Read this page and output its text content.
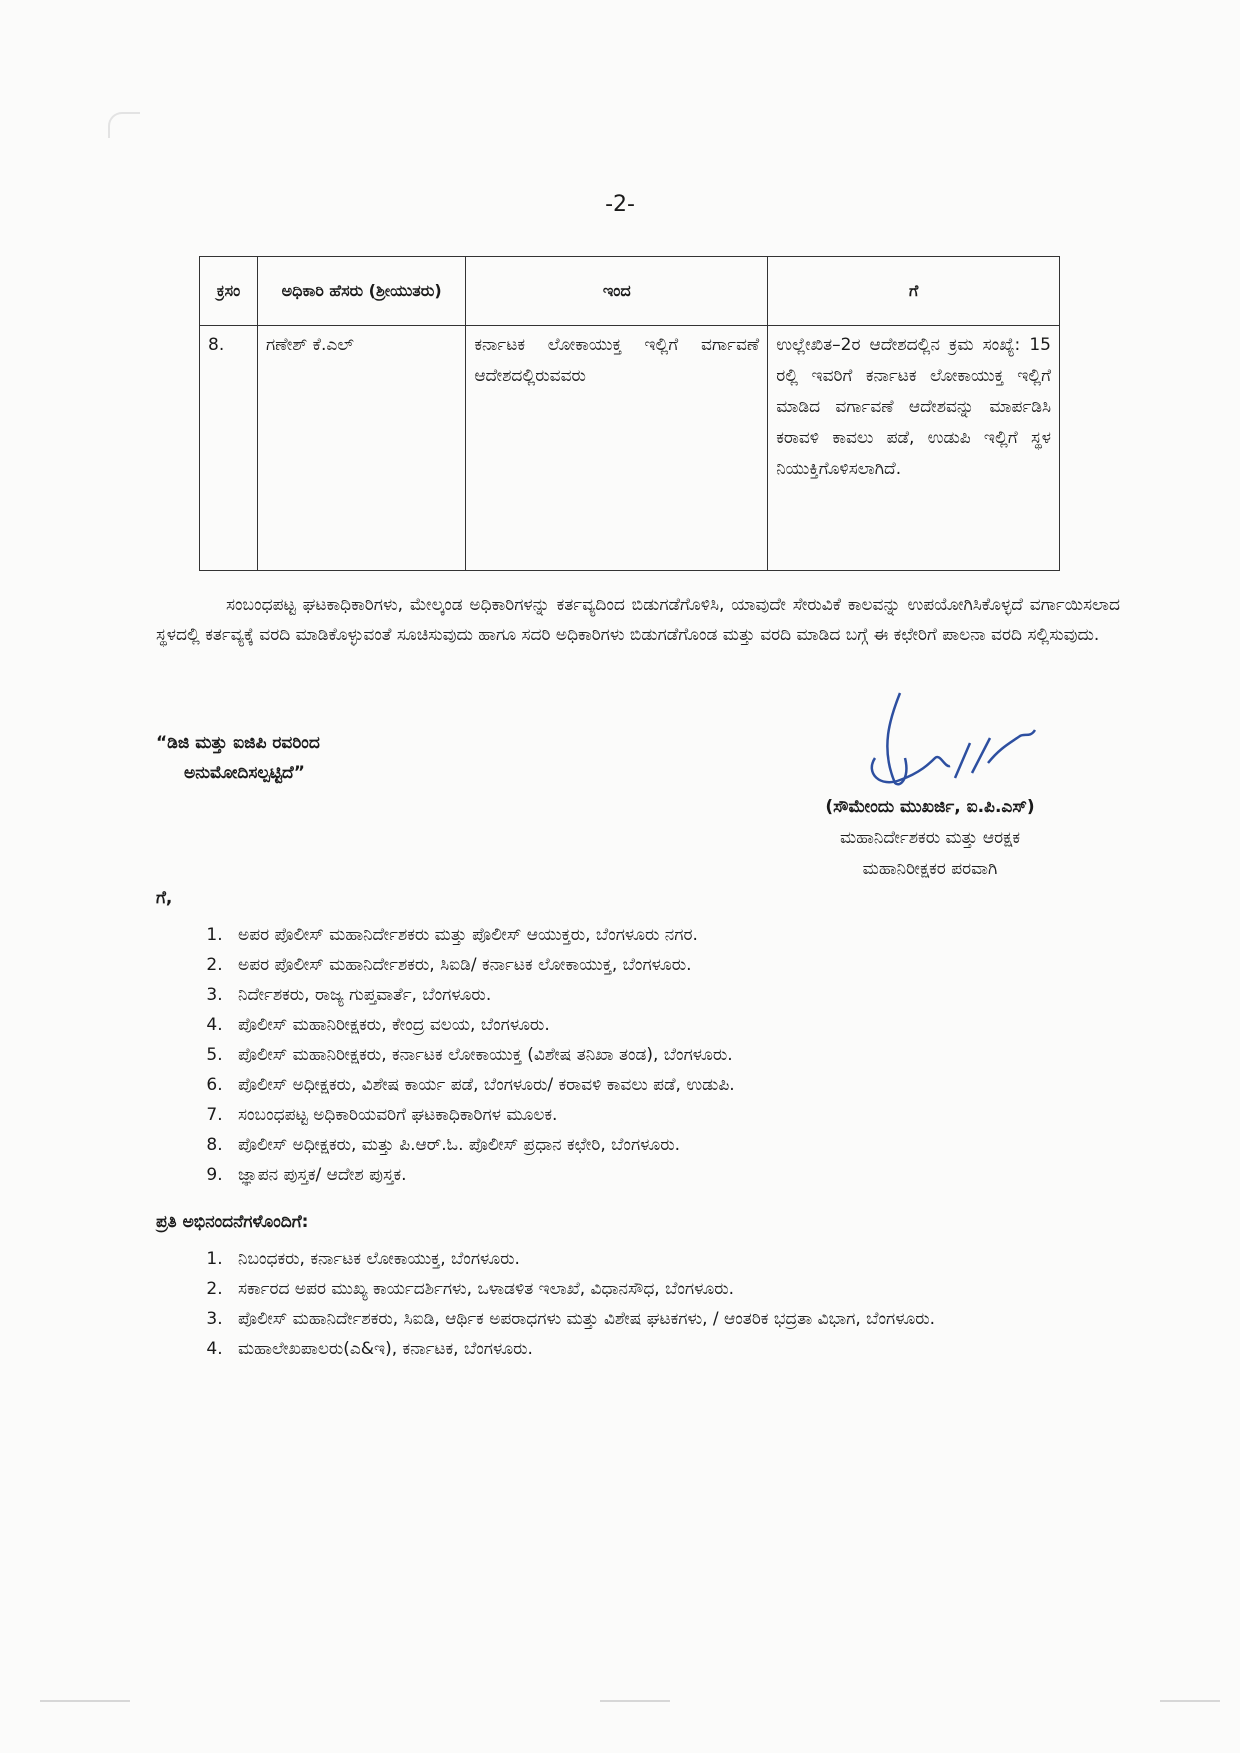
-2-
ಕ್ರಸಂ	ಅಧಿಕಾರಿ ಹೆಸರು (ಶ್ರೀಯುತರು)	ಇಂದ	ಗೆ
8.	ಗಣೇಶ್ ಕೆ.ಎಲ್	ಕರ್ನಾಟಕ ಲೋಕಾಯುಕ್ತ ಇಲ್ಲಿಗೆ ವರ್ಗಾವಣೆ ಆದೇಶದಲ್ಲಿರುವವರು	ಉಲ್ಲೇಖಿತ–2ರ ಆದೇಶದಲ್ಲಿನ ಕ್ರಮ ಸಂಖ್ಯೆ: 15 ರಲ್ಲಿ ಇವರಿಗೆ ಕರ್ನಾಟಕ ಲೋಕಾಯುಕ್ತ ಇಲ್ಲಿಗೆ ಮಾಡಿದ ವರ್ಗಾವಣೆ ಆದೇಶವನ್ನು ಮಾರ್ಪಡಿಸಿ ಕರಾವಳಿ ಕಾವಲು ಪಡೆ, ಉಡುಪಿ ಇಲ್ಲಿಗೆ ಸ್ಥಳ ನಿಯುಕ್ತಿಗೊಳಿಸಲಾಗಿದೆ.
ಸಂಬಂಧಪಟ್ಟ ಘಟಕಾಧಿಕಾರಿಗಳು, ಮೇಲ್ಕಂಡ ಅಧಿಕಾರಿಗಳನ್ನು ಕರ್ತವ್ಯದಿಂದ ಬಿಡುಗಡೆಗೊಳಿಸಿ, ಯಾವುದೇ ಸೇರುವಿಕೆ ಕಾಲವನ್ನು ಉಪಯೋಗಿಸಿಕೊಳ್ಳದೆ ವರ್ಗಾಯಿಸಲಾದ ಸ್ಥಳದಲ್ಲಿ ಕರ್ತವ್ಯಕ್ಕೆ ವರದಿ ಮಾಡಿಕೊಳ್ಳುವಂತೆ ಸೂಚಿಸುವುದು ಹಾಗೂ ಸದರಿ ಅಧಿಕಾರಿಗಳು ಬಿಡುಗಡೆಗೊಂಡ ಮತ್ತು ವರದಿ ಮಾಡಿದ ಬಗ್ಗೆ ಈ ಕಛೇರಿಗೆ ಪಾಲನಾ ವರದಿ ಸಲ್ಲಿಸುವುದು.
“ಡಿಜಿ ಮತ್ತು ಐಜಿಪಿ ರವರಿಂದ
ಅನುಮೋದಿಸಲ್ಪಟ್ಟಿದೆ”
(ಸೌಮೇಂದು ಮುಖರ್ಜಿ, ಐ.ಪಿ.ಎಸ್)
ಮಹಾನಿರ್ದೇಶಕರು ಮತ್ತು ಆರಕ್ಷಕ
ಮಹಾನಿರೀಕ್ಷಕರ ಪರವಾಗಿ
ಗೆ,
1. ಅಪರ ಪೊಲೀಸ್ ಮಹಾನಿರ್ದೇಶಕರು ಮತ್ತು ಪೊಲೀಸ್ ಆಯುಕ್ತರು, ಬೆಂಗಳೂರು ನಗರ.
2. ಅಪರ ಪೊಲೀಸ್ ಮಹಾನಿರ್ದೇಶಕರು, ಸಿಐಡಿ/ ಕರ್ನಾಟಕ ಲೋಕಾಯುಕ್ತ, ಬೆಂಗಳೂರು.
3. ನಿರ್ದೇಶಕರು, ರಾಜ್ಯ ಗುಪ್ತವಾರ್ತೆ, ಬೆಂಗಳೂರು.
4. ಪೊಲೀಸ್ ಮಹಾನಿರೀಕ್ಷಕರು, ಕೇಂದ್ರ ವಲಯ, ಬೆಂಗಳೂರು.
5. ಪೊಲೀಸ್ ಮಹಾನಿರೀಕ್ಷಕರು, ಕರ್ನಾಟಕ ಲೋಕಾಯುಕ್ತ (ವಿಶೇಷ ತನಿಖಾ ತಂಡ), ಬೆಂಗಳೂರು.
6. ಪೊಲೀಸ್ ಅಧೀಕ್ಷಕರು, ವಿಶೇಷ ಕಾರ್ಯ ಪಡೆ, ಬೆಂಗಳೂರು/ ಕರಾವಳಿ ಕಾವಲು ಪಡೆ, ಉಡುಪಿ.
7. ಸಂಬಂಧಪಟ್ಟ ಅಧಿಕಾರಿಯವರಿಗೆ ಘಟಕಾಧಿಕಾರಿಗಳ ಮೂಲಕ.
8. ಪೊಲೀಸ್ ಅಧೀಕ್ಷಕರು, ಮತ್ತು ಪಿ.ಆರ್.ಓ. ಪೊಲೀಸ್ ಪ್ರಧಾನ ಕಛೇರಿ, ಬೆಂಗಳೂರು.
9. ಜ್ಞಾಪನ ಪುಸ್ತಕ/ ಆದೇಶ ಪುಸ್ತಕ.
ಪ್ರತಿ ಅಭಿನಂದನೆಗಳೊಂದಿಗೆ:
1. ನಿಬಂಧಕರು, ಕರ್ನಾಟಕ ಲೋಕಾಯುಕ್ತ, ಬೆಂಗಳೂರು.
2. ಸರ್ಕಾರದ ಅಪರ ಮುಖ್ಯ ಕಾರ್ಯದರ್ಶಿಗಳು, ಒಳಾಡಳಿತ ಇಲಾಖೆ, ವಿಧಾನಸೌಧ, ಬೆಂಗಳೂರು.
3. ಪೊಲೀಸ್ ಮಹಾನಿರ್ದೇಶಕರು, ಸಿಐಡಿ, ಆರ್ಥಿಕ ಅಪರಾಧಗಳು ಮತ್ತು ವಿಶೇಷ ಘಟಕಗಳು, / ಆಂತರಿಕ ಭದ್ರತಾ ವಿಭಾಗ, ಬೆಂಗಳೂರು.
4. ಮಹಾಲೇಖಪಾಲರು(ಎ&ಇ), ಕರ್ನಾಟಕ, ಬೆಂಗಳೂರು.
